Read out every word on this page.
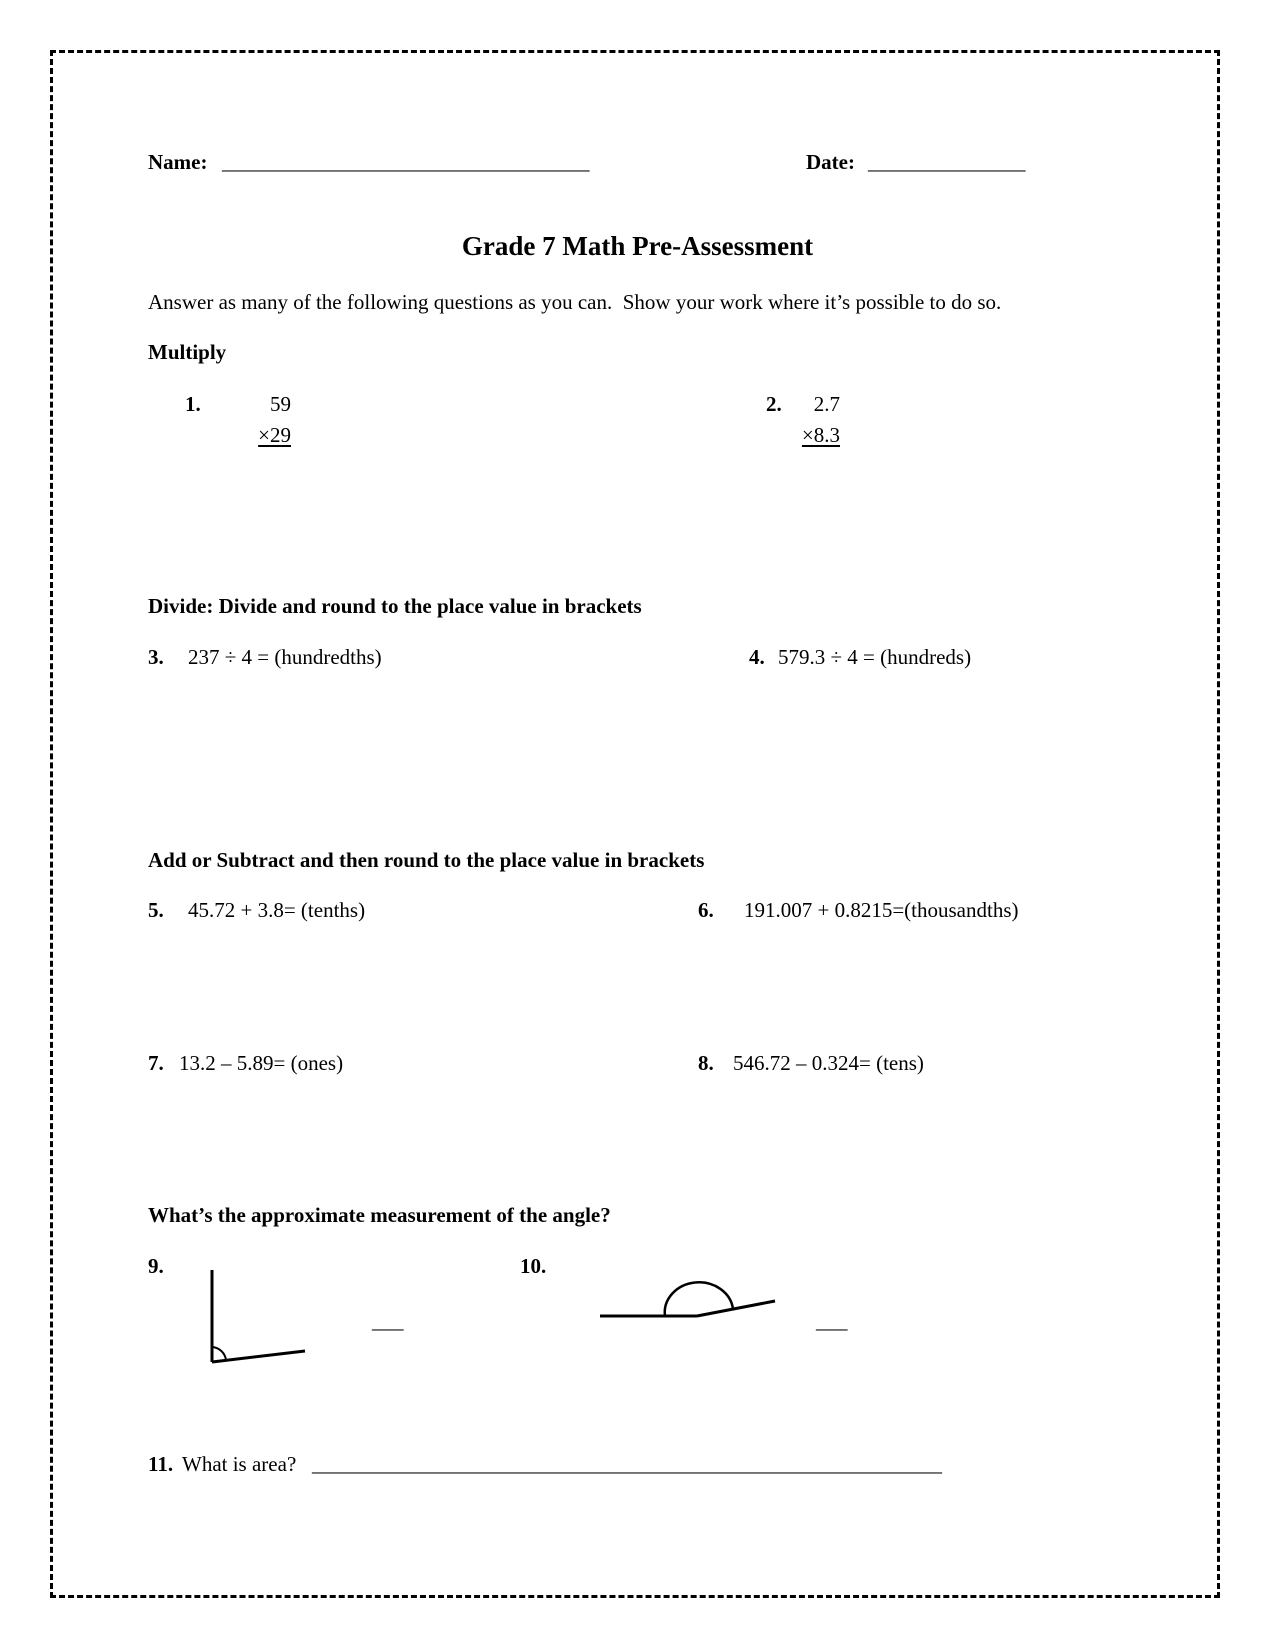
Name: ___________________________________	Date: _______________
Grade 7 Math Pre-Assessment
Answer as many of the following questions as you can.  Show your work where it’s possible to do so.
Multiply
1.	59
×29
2.	2.7
×8.3
Divide: Divide and round to the place value in brackets
3. 237 ÷ 4 = (hundredths)	4. 579.3 ÷ 4 = (hundreds)
Add or Subtract and then round to the place value in brackets
5. 45.72 + 3.8= (tenths)	6. 191.007 + 0.8215=(thousandths)
7. 13.2 – 5.89= (ones)	8. 546.72 – 0.324= (tens)
What’s the approximate measurement of the angle?
9.
___
10.
___
11. What is area? ____________________________________________________________
